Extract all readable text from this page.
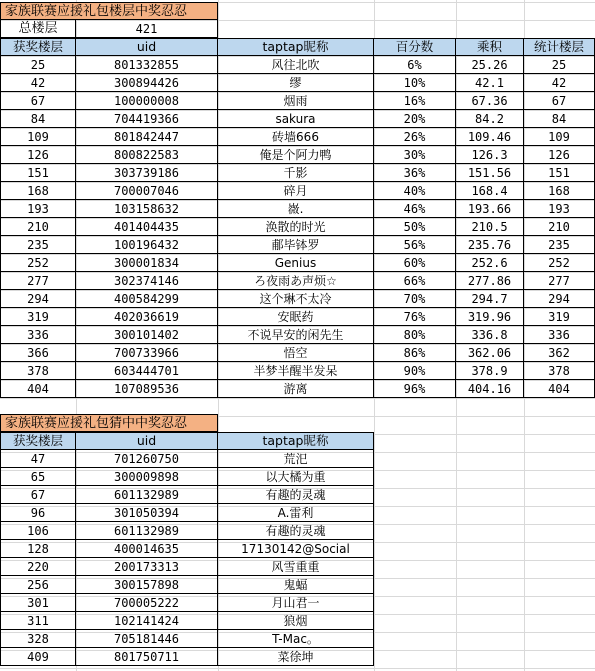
家族联赛应援礼包楼层中奖忍忍
总楼层	421
获奖楼层	uid	taptap昵称	百分数	乘积	统计楼层
25	801332855	风往北吹	6%	25.26	25
42	300894426	缪	10%	42.1	42
67	100000008	烟雨	16%	67.36	67
84	704419366	sakura	20%	84.2	84
109	801842447	砖墙666	26%	109.46	109
126	800822583	俺是个阿力鸭	30%	126.3	126
151	303739186	千影	36%	151.56	151
168	700007046	碎月	40%	168.4	168
193	103158632	嶶.	46%	193.66	193
210	401404435	涣散的时光	50%	210.5	210
235	100196432	郙毕钵罗	56%	235.76	235
252	300001834	Genius	60%	252.6	252
277	302374146	ろ夜雨あ声烦☆	66%	277.86	277
294	400584299	这个琳不太冷	70%	294.7	294
319	402036619	安眠药	76%	319.96	319
336	300101402	不说早安的闲先生	80%	336.8	336
366	700733966	悟空	86%	362.06	362
378	603444701	半梦半醒半发呆	90%	378.9	378
404	107089536	游离	96%	404.16	404
家族联赛应援礼包猜中中奖忍忍
获奖楼层	uid	taptap昵称
47	701260750	荒汜
65	300009898	以大橘为重
67	601132989	有趣的灵魂
96	301050394	A.雷利
106	601132989	有趣的灵魂
128	400014635	17130142@Social
220	200173313	风雪重重
256	300157898	鬼蝠
301	700005222	月山君一
311	102141424	狼烟
328	705181446	T-Mac。
409	801750711	菜徐坤
